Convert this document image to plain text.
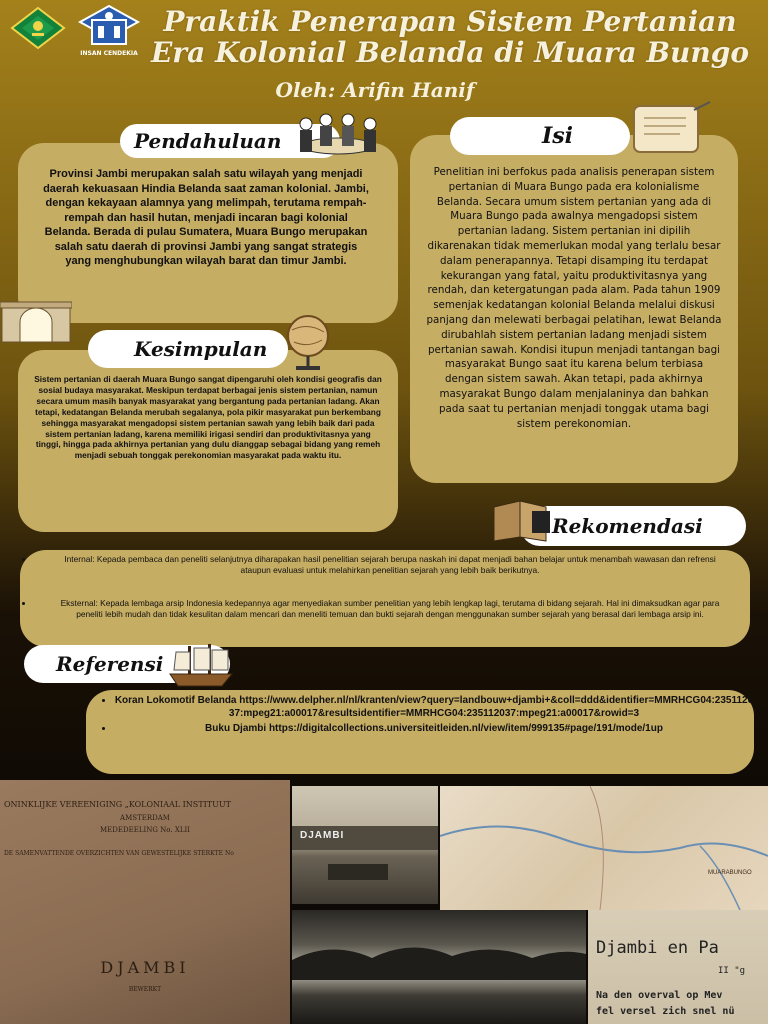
INSAN CENDEKIA
Praktik Penerapan Sistem Pertanian
Era Kolonial Belanda di Muara Bungo
Oleh: Arifin Hanif
Provinsi Jambi merupakan salah satu wilayah yang menjadi daerah kekuasaan Hindia Belanda saat zaman kolonial. Jambi, dengan kekayaan alamnya yang melimpah, terutama rempah-rempah dan hasil hutan, menjadi incaran bagi kolonial Belanda. Berada di pulau Sumatera, Muara Bungo merupakan salah satu daerah di provinsi Jambi yang sangat strategis yang menghubungkan wilayah barat dan timur Jambi.
Pendahuluan
Penelitian ini berfokus pada analisis penerapan sistem pertanian di Muara Bungo pada era kolonialisme Belanda. Secara umum sistem pertanian yang ada di Muara Bungo pada awalnya mengadopsi sistem pertanian ladang. Sistem pertanian ini dipilih dikarenakan tidak memerlukan modal yang terlalu besar dalam penerapannya. Tetapi disamping itu terdapat kekurangan yang fatal, yaitu produktivitasnya yang rendah, dan ketergatungan pada alam. Pada tahun 1909 semenjak kedatangan kolonial Belanda melalui diskusi panjang dan melewati berbagai pelatihan, lewat Belanda dirubahlah sistem pertanian ladang menjadi sistem pertanian sawah. Kondisi itupun menjadi tantangan bagi masyarakat Bungo saat itu karena belum terbiasa dengan sistem sawah. Akan tetapi, pada akhirnya masyarakat Bungo dalam menjalaninya dan bahkan pada saat tu pertanian menjadi tonggak utama bagi sistem perekonomian.
Isi
Sistem pertanian di daerah Muara Bungo sangat dipengaruhi oleh kondisi geografis dan sosial budaya masyarakat. Meskipun terdapat berbagai jenis sistem pertanian, namun secara umum masih banyak masyarakat yang bergantung pada pertanian ladang. Akan tetapi, kedatangan Belanda merubah segalanya, pola pikir masyarakat pun berkembang sehingga masyarakat mengadopsi sistem pertanian sawah yang lebih baik dari pada sistem pertanian ladang, karena memiliki irigasi sendiri dan produktivitasnya yang tinggi, hingga pada akhirnya pertanian yang dulu dianggap sebagai bidang yang remeh menjadi sebuah tonggak perekonomian masyarakat pada waktu itu.
Kesimpulan
Rekomendasi
• Internal: Kepada pembaca dan peneliti selanjutnya diharapakan hasil penelitian sejarah berupa naskah ini dapat menjadi bahan belajar untuk menambah wawasan dan refrensi ataupun evaluasi untuk melahirkan penelitian sejarah yang lebih baik berikutnya.
• Eksternal: Kepada lembaga arsip Indonesia kedepannya agar menyediakan sumber penelitian yang lebih lengkap lagi, terutama di bidang sejarah. Hal ini dimaksudkan agar para peneliti lebih mudah dan tidak kesulitan dalam mencari dan meneliti temuan dan bukti sejarah dengan menggunakan sumber sejarah yang berasal dari lembaga arsip ini.
Referensi
• Koran Lokomotif Belanda https://www.delpher.nl/nl/kranten/view?query=landbouw+djambi+&coll=ddd&identifier=MMRHCG04:235112037:mpeg21:a00017&resultsidentifier=MMRHCG04:235112037:mpeg21:a00017&rowid=3
• Buku Djambi https://digitalcollections.universiteitleiden.nl/view/item/999135#page/191/mode/1up
ONINKLIJKE VEREENIGING „KOLONIAAL INSTITUUT
AMSTERDAM
MEDEDEELING No. XLII
DE SAMENVATTENDE OVERZICHTEN VAN GEWESTELIJKE STERKTE No
DJAMBI
BEWERKT
DJAMBI
MUARABUNGO
Djambi en Pa
II "g
Na den overval op Mev
fel versel zich snel nü
